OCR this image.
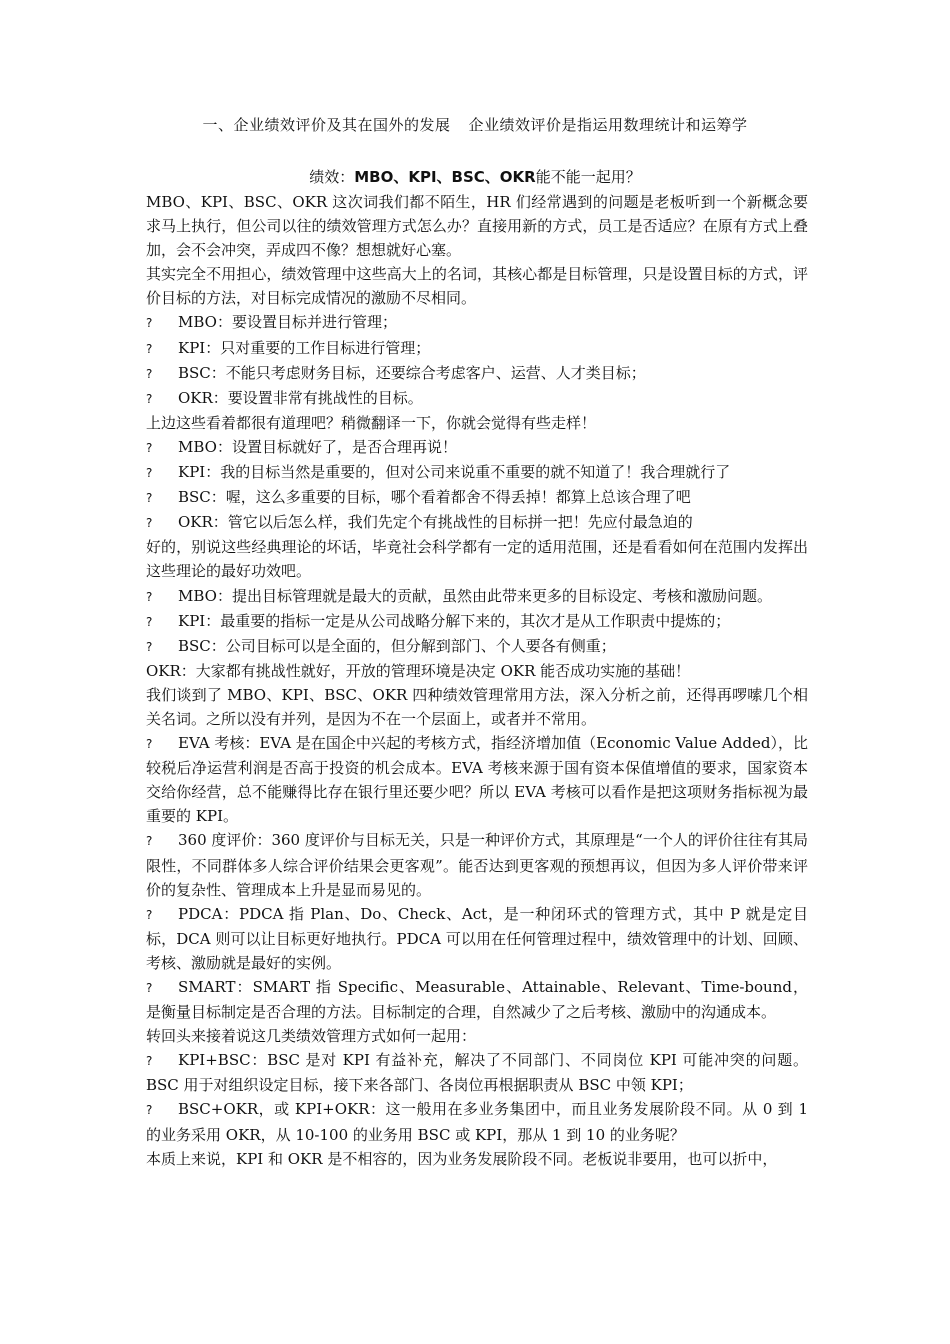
一、企业绩效评价及其在国外的发展 企业绩效评价是指运用数理统计和运筹学
绩效：MBO、KPI、BSC、OKR能不能一起用？

MBO、KPI、BSC、OKR 这次词我们都不陌生，HR 们经常遇到的问题是老板听到一个新概念要求马上执行，但公司以往的绩效管理方式怎么办？直接用新的方式，员工是否适应？在原有方式上叠加，会不会冲突，弄成四不像？想想就好心塞。

其实完全不用担心，绩效管理中这些高大上的名词，其核心都是目标管理，只是设置目标的方式，评价目标的方法，对目标完成情况的激励不尽相同。

? MBO：要设置目标并进行管理；

? KPI：只对重要的工作目标进行管理；

? BSC：不能只考虑财务目标，还要综合考虑客户、运营、人才类目标；

? OKR：要设置非常有挑战性的目标。

上边这些看着都很有道理吧？稍微翻译一下，你就会觉得有些走样！

? MBO：设置目标就好了，是否合理再说！

? KPI：我的目标当然是重要的，但对公司来说重不重要的就不知道了！我合理就行了

? BSC：喔，这么多重要的目标，哪个看着都舍不得丢掉！都算上总该合理了吧

? OKR：管它以后怎么样，我们先定个有挑战性的目标拼一把！先应付最急迫的

好的，别说这些经典理论的坏话，毕竟社会科学都有一定的适用范围，还是看看如何在范围内发挥出这些理论的最好功效吧。

? MBO：提出目标管理就是最大的贡献，虽然由此带来更多的目标设定、考核和激励问题。

? KPI：最重要的指标一定是从公司战略分解下来的，其次才是从工作职责中提炼的；

? BSC：公司目标可以是全面的，但分解到部门、个人要各有侧重；

OKR：大家都有挑战性就好，开放的管理环境是决定 OKR 能否成功实施的基础！

我们谈到了 MBO、KPI、BSC、OKR 四种绩效管理常用方法，深入分析之前，还得再啰嗦几个相关名词。之所以没有并列，是因为不在一个层面上，或者并不常用。

? EVA 考核：EVA 是在国企中兴起的考核方式，指经济增加值（Economic Value Added），比较税后净运营利润是否高于投资的机会成本。EVA 考核来源于国有资本保值增值的要求，国家资本交给你经营，总不能赚得比存在银行里还要少吧？所以 EVA 考核可以看作是把这项财务指标视为最重要的 KPI。

? 360 度评价：360 度评价与目标无关，只是一种评价方式，其原理是“一个人的评价往往有其局限性，不同群体多人综合评价结果会更客观”。能否达到更客观的预想再议，但因为多人评价带来评价的复杂性、管理成本上升是显而易见的。

? PDCA：PDCA 指 Plan、Do、Check、Act，是一种闭环式的管理方式，其中 P 就是定目标，DCA 则可以让目标更好地执行。PDCA 可以用在任何管理过程中，绩效管理中的计划、回顾、考核、激励就是最好的实例。

? SMART：SMART 指 Specific、Measurable、Attainable、Relevant、Time-bound，是衡量目标制定是否合理的方法。目标制定的合理，自然减少了之后考核、激励中的沟通成本。

转回头来接着说这几类绩效管理方式如何一起用：

? KPI+BSC：BSC 是对 KPI 有益补充，解决了不同部门、不同岗位 KPI 可能冲突的问题。BSC 用于对组织设定目标，接下来各部门、各岗位再根据职责从 BSC 中领 KPI；

? BSC+OKR，或 KPI+OKR：这一般用在多业务集团中，而且业务发展阶段不同。从 0 到 1 的业务采用 OKR，从 10-100 的业务用 BSC 或 KPI，那从 1 到 10 的业务呢？

本质上来说，KPI 和 OKR 是不相容的，因为业务发展阶段不同。老板说非要用，也可以折中，
